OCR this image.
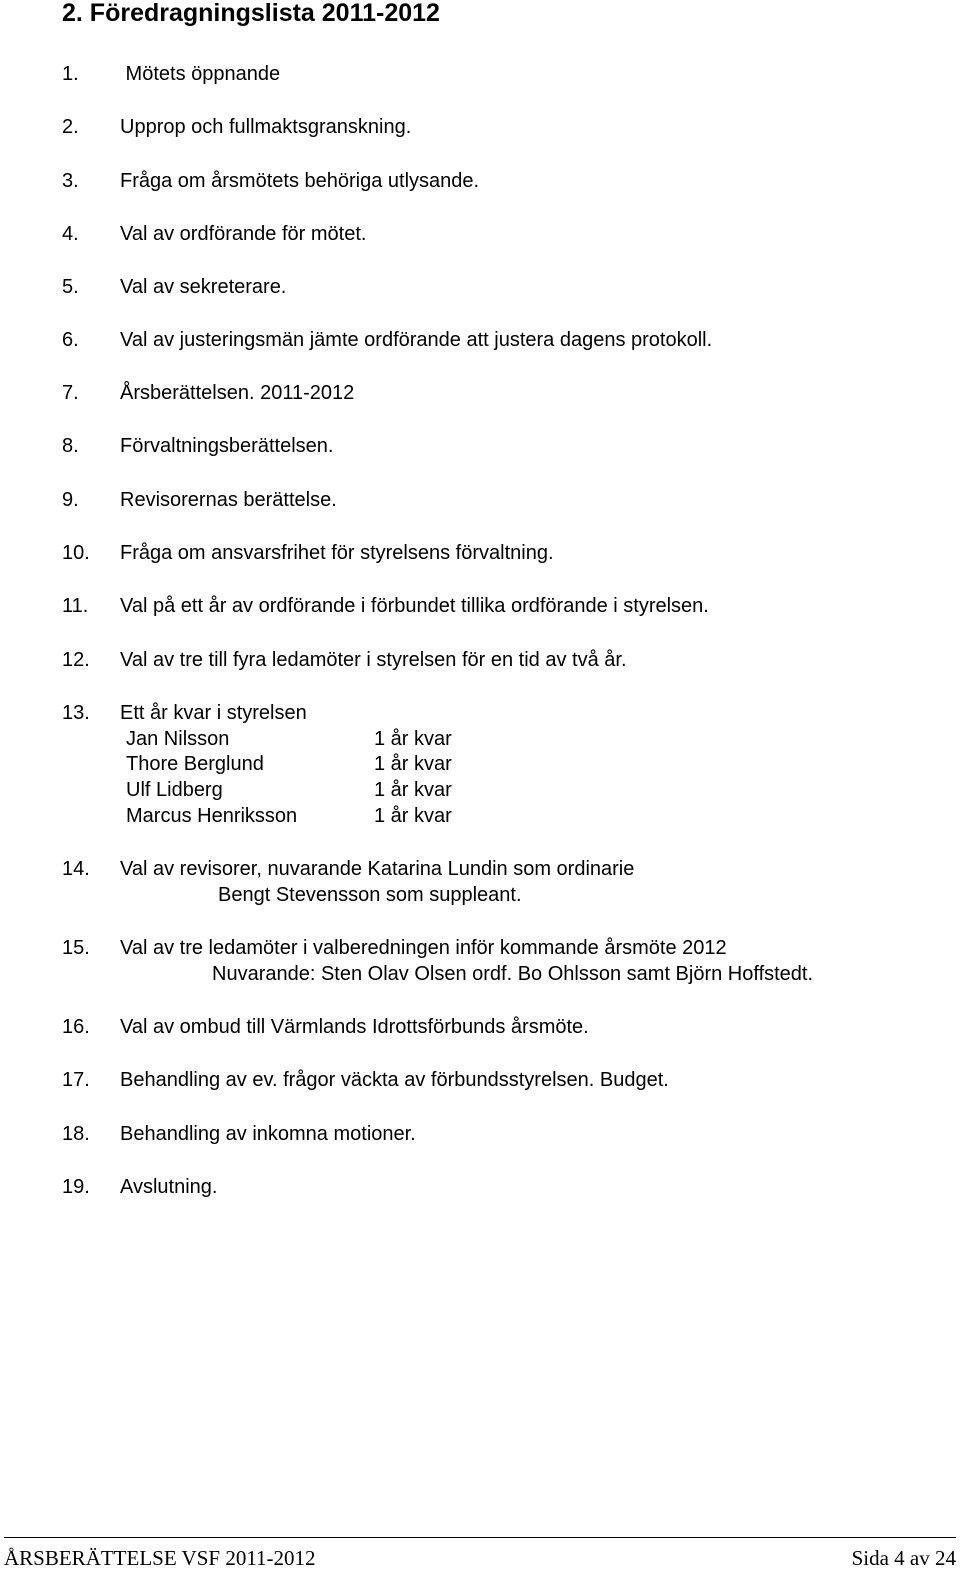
2. Föredragningslista 2011-2012
1. Mötets öppnande
2. Upprop och fullmaktsgranskning.
3. Fråga om årsmötets behöriga utlysande.
4. Val av ordförande för mötet.
5. Val av sekreterare.
6. Val av justeringsmän jämte ordförande att justera dagens protokoll.
7. Årsberättelsen. 2011-2012
8. Förvaltningsberättelsen.
9. Revisorernas berättelse.
10. Fråga om ansvarsfrihet för styrelsens förvaltning.
11. Val på ett år av ordförande i förbundet tillika ordförande i styrelsen.
12. Val av tre till fyra ledamöter i styrelsen för en tid av två år.
13. Ett år kvar i styrelsen
Jan Nilsson	1 år kvar
Thore Berglund	1 år kvar
Ulf Lidberg	1 år kvar
Marcus Henriksson	1 år kvar
14. Val av revisorer, nuvarande Katarina Lundin som ordinarie
Bengt Stevensson som suppleant.
15. Val av tre ledamöter i valberedningen inför kommande årsmöte 2012
Nuvarande: Sten Olav Olsen ordf. Bo Ohlsson samt Björn Hoffstedt.
16. Val av ombud till Värmlands Idrottsförbunds årsmöte.
17. Behandling av ev. frågor väckta av förbundsstyrelsen. Budget.
18. Behandling av inkomna motioner.
19. Avslutning.
ÅRSBERÄTTELSE VSF 2011-2012	Sida 4 av 24
